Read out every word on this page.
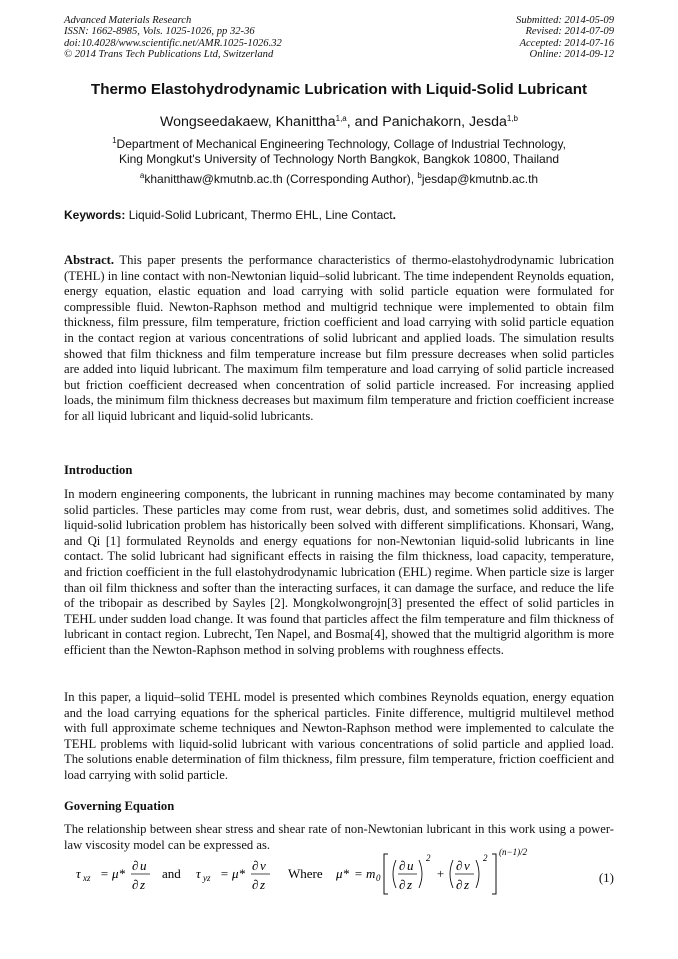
Advanced Materials Research
ISSN: 1662-8985, Vols. 1025-1026, pp 32-36
doi:10.4028/www.scientific.net/AMR.1025-1026.32
© 2014 Trans Tech Publications Ltd, Switzerland
Submitted: 2014-05-09
Revised: 2014-07-09
Accepted: 2014-07-16
Online: 2014-09-12
Thermo Elastohydrodynamic Lubrication with Liquid-Solid Lubricant
Wongseedakaew, Khanittha$^{1,a}$, and Panichakorn, Jesda$^{1,b}$
$^1$Department of Mechanical Engineering Technology, Collage of Industrial Technology,
King Mongkut's University of Technology North Bangkok, Bangkok 10800, Thailand
$^a$khanitthaw@kmutnb.ac.th (Corresponding Author), $^b$jesdap@kmutnb.ac.th
Keywords: Liquid-Solid Lubricant, Thermo EHL, Line Contact.
Abstract. This paper presents the performance characteristics of thermo-elastohydrodynamic lubrication (TEHL) in line contact with non-Newtonian liquid–solid lubricant. The time independent Reynolds equation, energy equation, elastic equation and load carrying with solid particle equation were formulated for compressible fluid. Newton-Raphson method and multigrid technique were implemented to obtain film thickness, film pressure, film temperature, friction coefficient and load carrying with solid particle equation in the contact region at various concentrations of solid lubricant and applied loads. The simulation results showed that film thickness and film temperature increase but film pressure decreases when solid particles are added into liquid lubricant. The maximum film temperature and load carrying of solid particle increased but friction coefficient decreased when concentration of solid particle increased. For increasing applied loads, the minimum film thickness decreases but maximum film temperature and friction coefficient increase for all liquid lubricant and liquid-solid lubricants.
Introduction
In modern engineering components, the lubricant in running machines may become contaminated by many solid particles. These particles may come from rust, wear debris, dust, and sometimes solid additives. The liquid-solid lubrication problem has historically been solved with different simplifications. Khonsari, Wang, and Qi [1] formulated Reynolds and energy equations for non-Newtonian liquid-solid lubricants in line contact. The solid lubricant had significant effects in raising the film thickness, load capacity, temperature, and friction coefficient in the full elastohydrodynamic lubrication (EHL) regime. When particle size is larger than oil film thickness and softer than the interacting surfaces, it can damage the surface, and reduce the life of the tribopair as described by Sayles [2]. Mongkolwongrojn[3] presented the effect of solid particles in TEHL under sudden load change. It was found that particles affect the film temperature and film thickness of lubricant in contact region. Lubrecht, Ten Napel, and Bosma[4], showed that the multigrid algorithm is more efficient than the Newton-Raphson method in solving problems with roughness effects.
In this paper, a liquid–solid TEHL model is presented which combines Reynolds equation, energy equation and the load carrying equations for the spherical particles. Finite difference, multigrid multilevel method with full approximate scheme techniques and Newton-Raphson method were implemented to calculate the TEHL problems with liquid-solid lubricant with various concentrations of solid particle and applied load. The solutions enable determination of film thickness, film pressure, film temperature, friction coefficient and load carrying with solid particle.
Governing Equation
The relationship between shear stress and shear rate of non-Newtonian lubricant in this work using a power-law viscosity model can be expressed as.
τ xz = μ*
∂ u
∂ z
and τ yz = μ*
∂ v
∂ z
Where μ* = m 0
∂ u
∂ z
2
+
∂ v
∂ z
2
(n−1)/2
(1)
